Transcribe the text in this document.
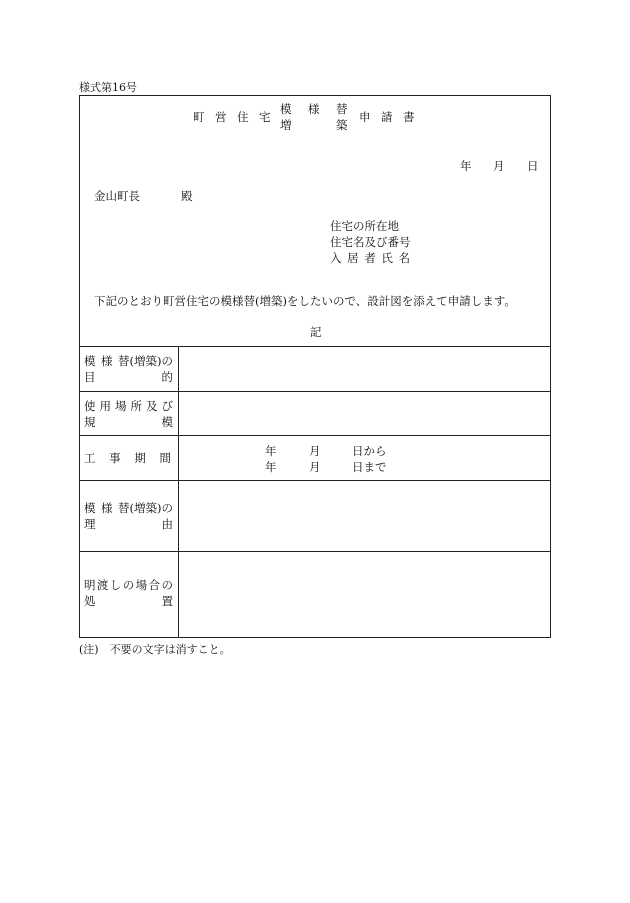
様式第16号
町 営 住 宅
模 様 替
増	築
申 請 書
年 月 日
金山町長	殿
住宅の所在地
住宅名及び番号
入 居 者 氏 名
下記のとおり町営住宅の模様替(増築)をしたいので、設計図を添えて申請します。
記
模 様 替(増築)の
目	的
使 用 場 所 及 び
規	模
工 事 期 間	年	月	日から
年	月	日まで
模 様 替(増築)の
理	由
明 渡 し の 場 合 の
処	置
(注)　不要の文字は消すこと。
